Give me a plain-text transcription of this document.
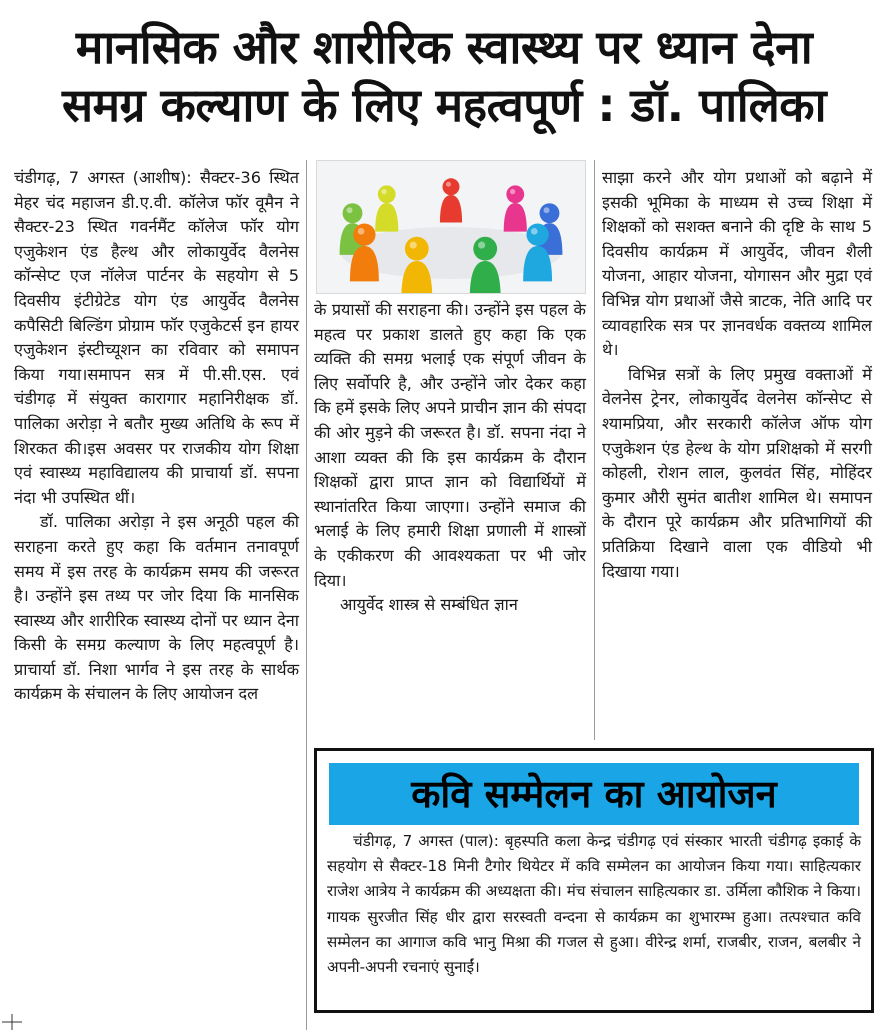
मानसिक और शारीरिक स्वास्थ्य पर ध्यान देना
समग्र कल्याण के लिए महत्वपूर्ण : डॉ. पालिका

चंडीगढ़, 7 अगस्त (आशीष): सैक्टर-36 स्थित मेहर चंद महाजन डी.ए.वी. कॉलेज फॉर वूमैन ने सैक्टर-23 स्थित गवर्नमैंट कॉलेज फॉर योग एजुकेशन एंड हैल्थ और लोकायुर्वेद वैलनेस कॉन्सेप्ट एज नॉलेज पार्टनर के सहयोग से 5 दिवसीय इंटीग्रेटेड योग एंड आयुर्वेद वैलनेस कपैसिटी बिल्डिंग प्रोग्राम फॉर एजुकेटर्स इन हायर एजुकेशन इंस्टीच्यूशन का रविवार को समापन किया गया।समापन सत्र में पी.सी.एस. एवं चंडीगढ़ में संयुक्त कारागार महानिरीक्षक डॉ. पालिका अरोड़ा ने बतौर मुख्य अतिथि के रूप में शिरकत की।इस अवसर पर राजकीय योग शिक्षा एवं स्वास्थ्य महाविद्यालय की प्राचार्या डॉ. सपना नंदा भी उपस्थित थीं।

डॉ. पालिका अरोड़ा ने इस अनूठी पहल की सराहना करते हुए कहा कि वर्तमान तनावपूर्ण समय में इस तरह के कार्यक्रम समय की जरूरत है। उन्होंने इस तथ्य पर जोर दिया कि मानसिक स्वास्थ्य और शारीरिक स्वास्थ्य दोनों पर ध्यान देना किसी के समग्र कल्याण के लिए महत्वपूर्ण है। प्राचार्या डॉ. निशा भार्गव ने इस तरह के सार्थक कार्यक्रम के संचालन के लिए आयोजन दल

के प्रयासों की सराहना की। उन्होंने इस पहल के महत्व पर प्रकाश डालते हुए कहा कि एक व्यक्ति की समग्र भलाई एक संपूर्ण जीवन के लिए सर्वोपरि है, और उन्होंने जोर देकर कहा कि हमें इसके लिए अपने प्राचीन ज्ञान की संपदा की ओर मुड़ने की जरूरत है। डॉ. सपना नंदा ने आशा व्यक्त की कि इस कार्यक्रम के दौरान शिक्षकों द्वारा प्राप्त ज्ञान को विद्यार्थियों में स्थानांतरित किया जाएगा। उन्होंने समाज की भलाई के लिए हमारी शिक्षा प्रणाली में शास्त्रों के एकीकरण की आवश्यकता पर भी जोर दिया।

आयुर्वेद शास्त्र से सम्बंधित ज्ञान

साझा करने और योग प्रथाओं को बढ़ाने में इसकी भूमिका के माध्यम से उच्च शिक्षा में शिक्षकों को सशक्त बनाने की दृष्टि के साथ 5 दिवसीय कार्यक्रम में आयुर्वेद, जीवन शैली योजना, आहार योजना, योगासन और मुद्रा एवं विभिन्न योग प्रथाओं जैसे त्राटक, नेति आदि पर व्यावहारिक सत्र पर ज्ञानवर्धक वक्तव्य शामिल थे।

विभिन्न सत्रों के लिए प्रमुख वक्ताओं में वेलनेस ट्रेनर, लोकायुर्वेद वेलनेस कॉन्सेप्ट से श्यामप्रिया, और सरकारी कॉलेज ऑफ योग एजुकेशन एंड हेल्थ के योग प्रशिक्षको में सरगी कोहली, रोशन लाल, कुलवंत सिंह, मोहिंदर कुमार औरी सुमंत बातीश शामिल थे। समापन के दौरान पूरे कार्यक्रम और प्रतिभागियों की प्रतिक्रिया दिखाने वाला एक वीडियो भी दिखाया गया।

कवि सम्मेलन का आयोजन

चंडीगढ़, 7 अगस्त (पाल): बृहस्पति कला केन्द्र चंडीगढ़ एवं संस्कार भारती चंडीगढ़ इकाई के सहयोग से सैक्टर-18 मिनी टैगोर थियेटर में कवि सम्मेलन का आयोजन किया गया। साहित्यकार राजेश आत्रेय ने कार्यक्रम की अध्यक्षता की। मंच संचालन साहित्यकार डा. उर्मिला कौशिक ने किया। गायक सुरजीत सिंह धीर द्वारा सरस्वती वन्दना से कार्यक्रम का शुभारम्भ हुआ। तत्पश्चात कवि सम्मेलन का आगाज कवि भानु मिश्रा की गजल से हुआ। वीरेन्द्र शर्मा, राजबीर, राजन, बलबीर ने अपनी-अपनी रचनाएं सुनाईं।
